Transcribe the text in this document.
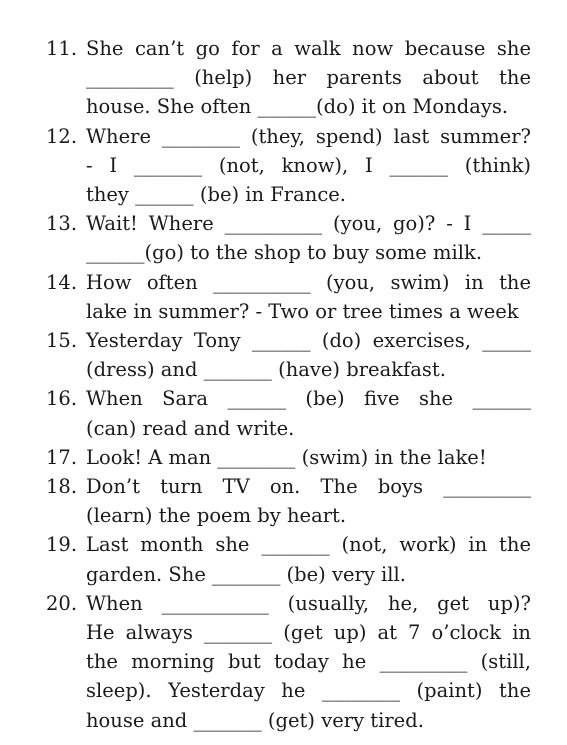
11. She can’t go for a walk now because she
_________ (help) her parents about the
house. She often ______(do) it on Mondays.
12. Where ________ (they, spend) last summer?
- I _______ (not, know), I ______ (think)
they ______ (be) in France.
13. Wait! Where __________ (you, go)? - I _____
______(go) to the shop to buy some milk.
14. How often __________ (you, swim) in the
lake in summer? - Two or tree times a week
15. Yesterday Tony ______ (do) exercises, _____
(dress) and _______ (have) breakfast.
16. When Sara ______ (be) five she ______
(can) read and write.
17. Look! A man ________ (swim) in the lake!
18. Don’t turn TV on. The boys _________
(learn) the poem by heart.
19. Last month she _______ (not, work) in the
garden. She _______ (be) very ill.
20. When ___________ (usually, he, get up)?
He always _______ (get up) at 7 o’clock in
the morning but today he _________ (still,
sleep). Yesterday he ________ (paint) the
house and _______ (get) very tired.
